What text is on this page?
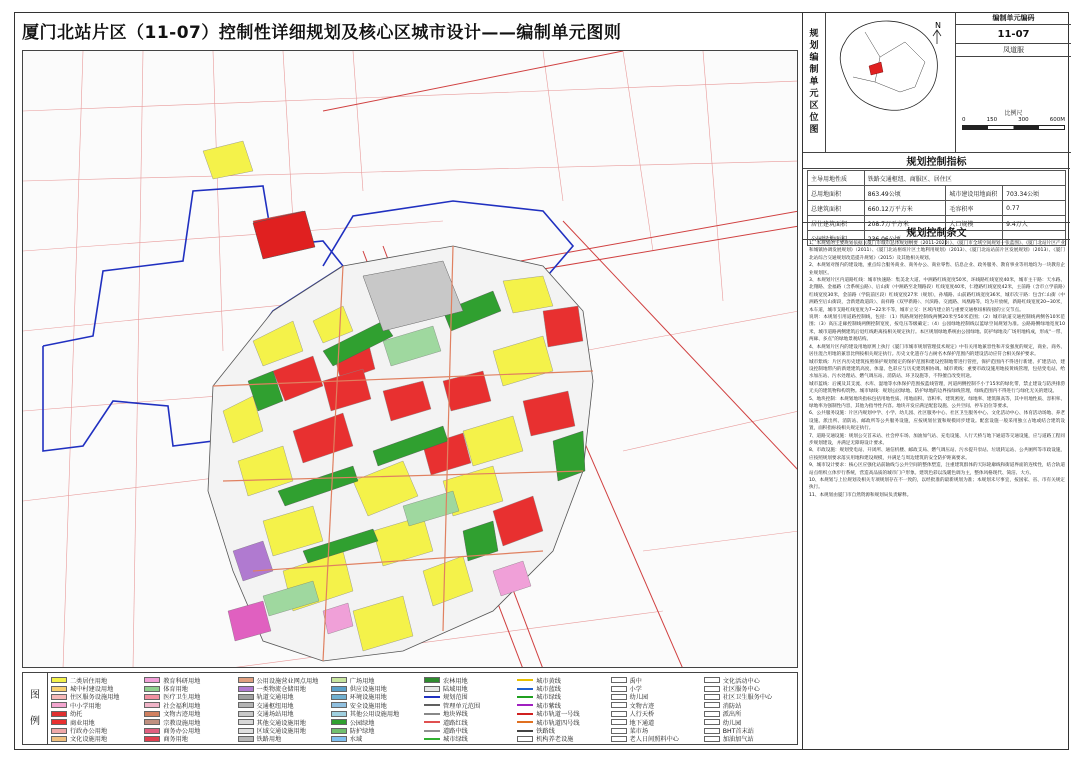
厦门北站片区（11-07）控制性详细规划及核心区城市设计——编制单元图则
图
例
二类居住用地	教育科研用地	公用设施营业网点用地	广场用地	农林用地	城市黄线	禹中	文化活动中心
城中村建设用地	体育用地	一类物流仓储用地	供应设施用地	陆域用地	城市蓝线	小学	社区服务中心
住区服务设施用地	医疗卫生用地	轨道交通用地	环境设施用地	规划范围	城市绿线	幼儿园	社区卫生服务中心
中小学用地	社会福利用地	交通枢纽用地	安全设施用地	管理单元范围	城市紫线	文物古迹	消防站
幼托	文物古迹用地	交通场站用地	其他公用设施用地	地块界线	城市轨道一号线	人行天桥	派出所
商业用地	宗教设施用地	其他交通设施用地	公园绿地	道路红线	城市轨道四号线	地下通道	幼儿园
行政办公用地	商务办公用地	区域交通设施用地	防护绿地	道路中线	铁路线	菜市场	BHT首末站
文化设施用地	商务用地	铁路用地	水域	城市绿线	机构养老设施	老人日间照料中心	加油加气站
规
划
编
制
单
元
区
位
图
N
编制单元编码
11-07
凤道服
比例尺
0	150	300	600M
规划控制指标
主导用地性质	铁路交通枢纽、商服区、居住区		
总用地面积	863.49公顷	城市建设用地面积	703.34公顷
总建筑面积	660.12万平方米	毛容积率	0.77
居住建筑面积	208.7万平方米	人口规模	9.4万人
公园绿地面积	236.06公顷		
规划控制条文

1、本规划的主要规划依据《厦门市城市总体规划纲要（2011-2020）》、《厦门市全域空间规划一张蓝图》、《厦门北站片区产业和城镇协调发展规划》（2011）、《厦门北站枢纽片区土地利用规划》（2013）、《厦门北站站前片区发展规划》（2013）、《厦门北站综合交通规划改造提升规划》（2015）及其他相关规划。

2、本规划对图内的建设地，重点综合服务商业、商务办公、商业零售、信息企业、政务服务、教育事业等用地均为一块教育企业规划区。

3、本规划片区内道路红线：城市快速路：集美北大道、中洲路红线宽度50米，环线路红线宽度40米，城市主干路：天水路、北翔路、金福路（含系统公路）、后山街（中洲路至北翔路段）红线宽度40米，仁德路红线宽度42米，主前路（含市立学前路）红线宽度30米，金前路（学院前区段）红线宽度27米（规划），孙埔路、山前路红线宽度36米，城市次干路：包含仁山街（中洲路至后山街段，含新建政道段）、南祥路（双甲新路）、兴滨路、交流路、凤凰路等，均为开放统，新路红线宽度20~30米，本车道，城市支路红线宽度为7~22米不等，城市立交：区域内建立的与重要交通枢纽相衔接的立交节点。

说明：本规划引用道路控制线，包括：（1）铁路规划控制线两侧20米至50米范围；（2）城市轨道交通控制线两侧各10米范围；（3）高压走廊控制线两侧控制宽度，按电压等级确定；（4）公园绿地控制线以蓝绿空间规划为准。公路路侧绿地宽度10米，城市道路两侧建筑后退红线距离按相关规定执行。本区规划绿地系统由公园绿地、防护绿地及广场用地构成，形成“一带、两廊、多点”的绿地景观结构。

4、本规划片区内的建设用地原则上执行《厦门市城市规划管理技术规定》中有关用地兼容性和开发强度的规定，商业、商务、居住混合用地的兼容比例按相关规定执行。历史文化遗存与古树名木保护范围内的建设活动应符合相关保护要求。

城市紫线：片区内历史建筑按照保护规划划定的保护范围和建设控制地带进行管控，保护范围内不得进行新建、扩建活动，建设控制地带内的新建建筑高度、体量、色彩应与历史建筑相协调。城市黄线：重要市政设施用地按黄线管理，包括变电站、给水加压站、污水处理站、燃气调压站、消防站、环卫设施等，不得擅自改变用途。

城市蓝线：后溪及其支流、水库、湿地等水体保护范围按蓝线管理，河道两侧控制不小于15米的绿化带，禁止建设与防洪排涝无关的建筑物和构筑物。城市绿线：规划公园绿地、防护绿地的边界按绿线管理，绿线范围内不得进行与绿化无关的建设。

5、地块控制：本规划地块指标包括用地性质、用地面积、容积率、建筑密度、绿地率、建筑限高等，其中用地性质、容积率、绿地率为强制性内容，其他为指导性内容。地块开发应满足配套设施、公共空间、停车泊位等要求。

6、公共服务设施：片区内规划中学、小学、幼儿园、社区服务中心、社区卫生服务中心、文化活动中心、体育活动场地、养老设施、派出所、消防站、邮政所等公共服务设施，应按规划位置和规模同步建设。配套设施一般采用独立占地或结合建筑设置，面积指标按相关规定执行。

7、道路交通设施：规划公交首末站、社会停车场、加油加气站、充电设施、人行天桥与地下通道等交通设施，应与道路工程同步规划建设，并满足无障碍设计要求。

8、市政设施：规划变电站、开闭所、通信机楼、邮政支局、燃气调压站、污水提升泵站、垃圾转运站、公共厕所等市政设施，应按照规划要求落实用地和建设规模，并满足与周边建筑的安全防护距离要求。

9、城市设计要求：核心区应强化站前轴线与公共空间的整体塑造，注重建筑群体的天际轮廓线和街道界面的连续性，结合轨道站点组织立体步行系统，营造高品质的城市门户形象。建筑色彩以浅暖色调为主，整体风格现代、简洁、大方。

10、本规划与上位规划及相关专项规划存在不一致的，以经批准的最新规划为准；本规划未尽事宜，按国家、省、市有关规定执行。

11、本规划由厦门市自然资源和规划局负责解释。
